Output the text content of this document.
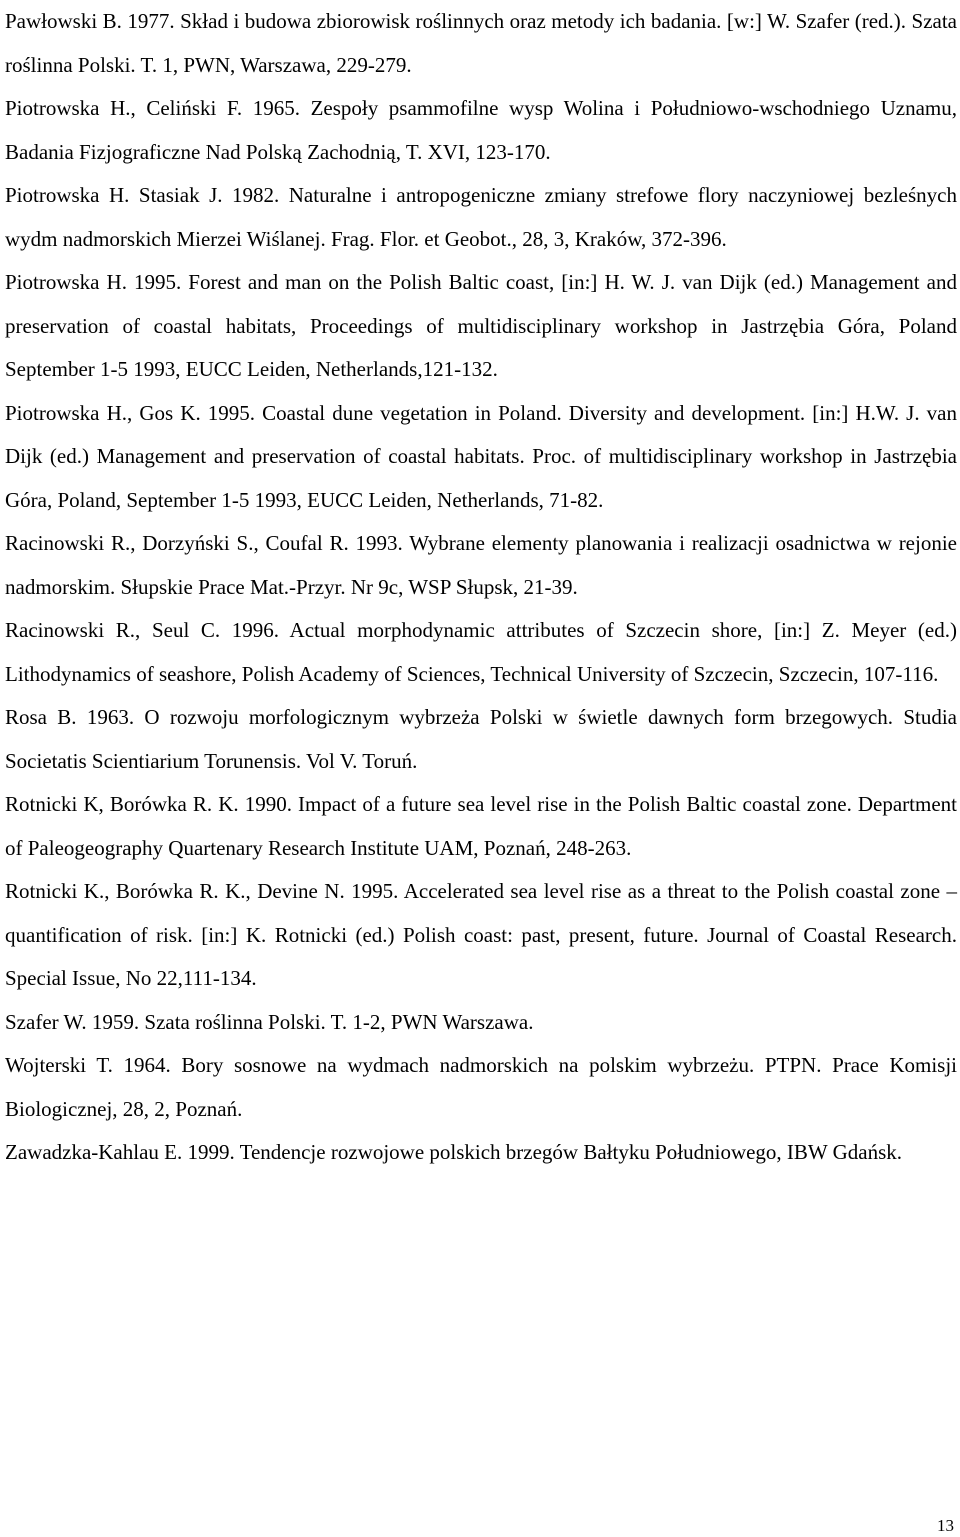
Pawłowski B. 1977. Skład i budowa zbiorowisk roślinnych oraz metody ich badania. [w:] W. Szafer (red.). Szata roślinna Polski. T. 1, PWN, Warszawa, 229-279.

Piotrowska H., Celiński F. 1965. Zespoły psammofilne wysp Wolina i Południowo-wschodniego Uznamu, Badania Fizjograficzne Nad Polską Zachodnią, T. XVI, 123-170.

Piotrowska H. Stasiak J. 1982. Naturalne i antropogeniczne zmiany strefowe flory naczyniowej bezleśnych wydm nadmorskich Mierzei Wiślanej. Frag. Flor. et Geobot., 28, 3, Kraków, 372-396.

Piotrowska H. 1995. Forest and man on the Polish Baltic coast, [in:] H. W. J. van Dijk (ed.) Management and preservation of coastal habitats, Proceedings of multidisciplinary workshop in Jastrzębia Góra, Poland September 1-5 1993, EUCC Leiden, Netherlands,121-132.

Piotrowska H., Gos K. 1995. Coastal dune vegetation in Poland. Diversity and development. [in:] H.W. J. van Dijk (ed.) Management and preservation of coastal habitats. Proc. of multidisciplinary workshop in Jastrzębia Góra, Poland, September 1-5 1993, EUCC Leiden, Netherlands, 71-82.

Racinowski R., Dorzyński S., Coufal R. 1993. Wybrane elementy planowania i realizacji osadnictwa w rejonie nadmorskim. Słupskie Prace Mat.-Przyr. Nr 9c, WSP Słupsk, 21-39.

Racinowski R., Seul C. 1996. Actual morphodynamic attributes of Szczecin shore, [in:] Z. Meyer (ed.) Lithodynamics of seashore, Polish Academy of Sciences, Technical University of Szczecin, Szczecin, 107-116.

Rosa B. 1963. O rozwoju morfologicznym wybrzeża Polski w świetle dawnych form brzegowych. Studia Societatis Scientiarium Torunensis. Vol V. Toruń.

Rotnicki K, Borówka R. K. 1990. Impact of a future sea level rise in the Polish Baltic coastal zone. Department of Paleogeography Quartenary Research Institute UAM, Poznań, 248-263.

Rotnicki K., Borówka R. K., Devine N. 1995. Accelerated sea level rise as a threat to the Polish coastal zone – quantification of risk. [in:] K. Rotnicki (ed.) Polish coast: past, present, future. Journal of Coastal Research. Special Issue, No 22,111-134.

Szafer W. 1959. Szata roślinna Polski. T. 1-2, PWN Warszawa.

Wojterski T. 1964. Bory sosnowe na wydmach nadmorskich na polskim wybrzeżu. PTPN. Prace Komisji Biologicznej, 28, 2, Poznań.

Zawadzka-Kahlau E. 1999. Tendencje rozwojowe polskich brzegów Bałtyku Południowego, IBW Gdańsk.

13
